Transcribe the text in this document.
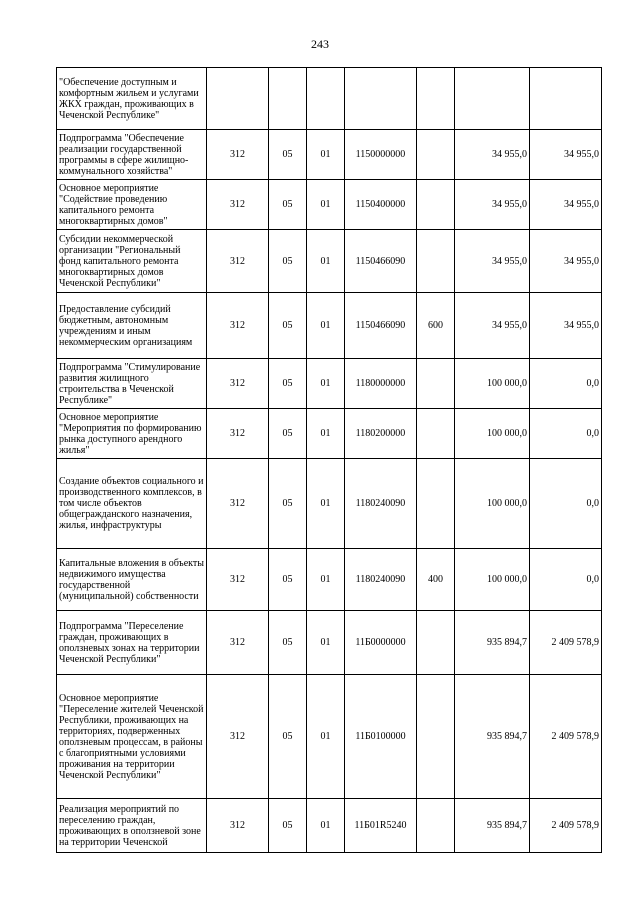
243
"Обеспечение доступным и комфортным жильем и услугами ЖКХ граждан, проживающих в Чеченской Республике"							
Подпрограмма "Обеспечение реализации государственной программы в сфере жилищно-коммунального хозяйства"	312	05	01	1150000000		34 955,0	34 955,0
Основное мероприятие "Содействие проведению капитального ремонта многоквартирных домов"	312	05	01	1150400000		34 955,0	34 955,0
Субсидии некоммерческой организации "Региональный фонд капитального ремонта многоквартирных домов Чеченской Республики"	312	05	01	1150466090		34 955,0	34 955,0
Предоставление субсидий бюджетным, автономным учреждениям и иным некоммерческим организациям	312	05	01	1150466090	600	34 955,0	34 955,0
Подпрограмма "Стимулирование развития жилищного строительства в Чеченской Республике"	312	05	01	1180000000		100 000,0	0,0
Основное мероприятие "Мероприятия по формированию рынка доступного арендного жилья"	312	05	01	1180200000		100 000,0	0,0
Создание объектов социального и производственного комплексов, в том числе объектов общегражданского назначения, жилья, инфраструктуры	312	05	01	1180240090		100 000,0	0,0
Капитальные вложения в объекты недвижимого имущества государственной (муниципальной) собственности	312	05	01	1180240090	400	100 000,0	0,0
Подпрограмма "Переселение граждан, проживающих в оползневых зонах на территории Чеченской Республики"	312	05	01	11Б0000000		935 894,7	2 409 578,9
Основное мероприятие "Переселение жителей Чеченской Республики, проживающих на территориях, подверженных оползневым процессам, в районы с благоприятными условиями проживания на территории Чеченской Республики"	312	05	01	11Б0100000		935 894,7	2 409 578,9
Реализация мероприятий по переселению граждан, проживающих в оползневой зоне на территории Чеченской	312	05	01	11Б01R5240		935 894,7	2 409 578,9
